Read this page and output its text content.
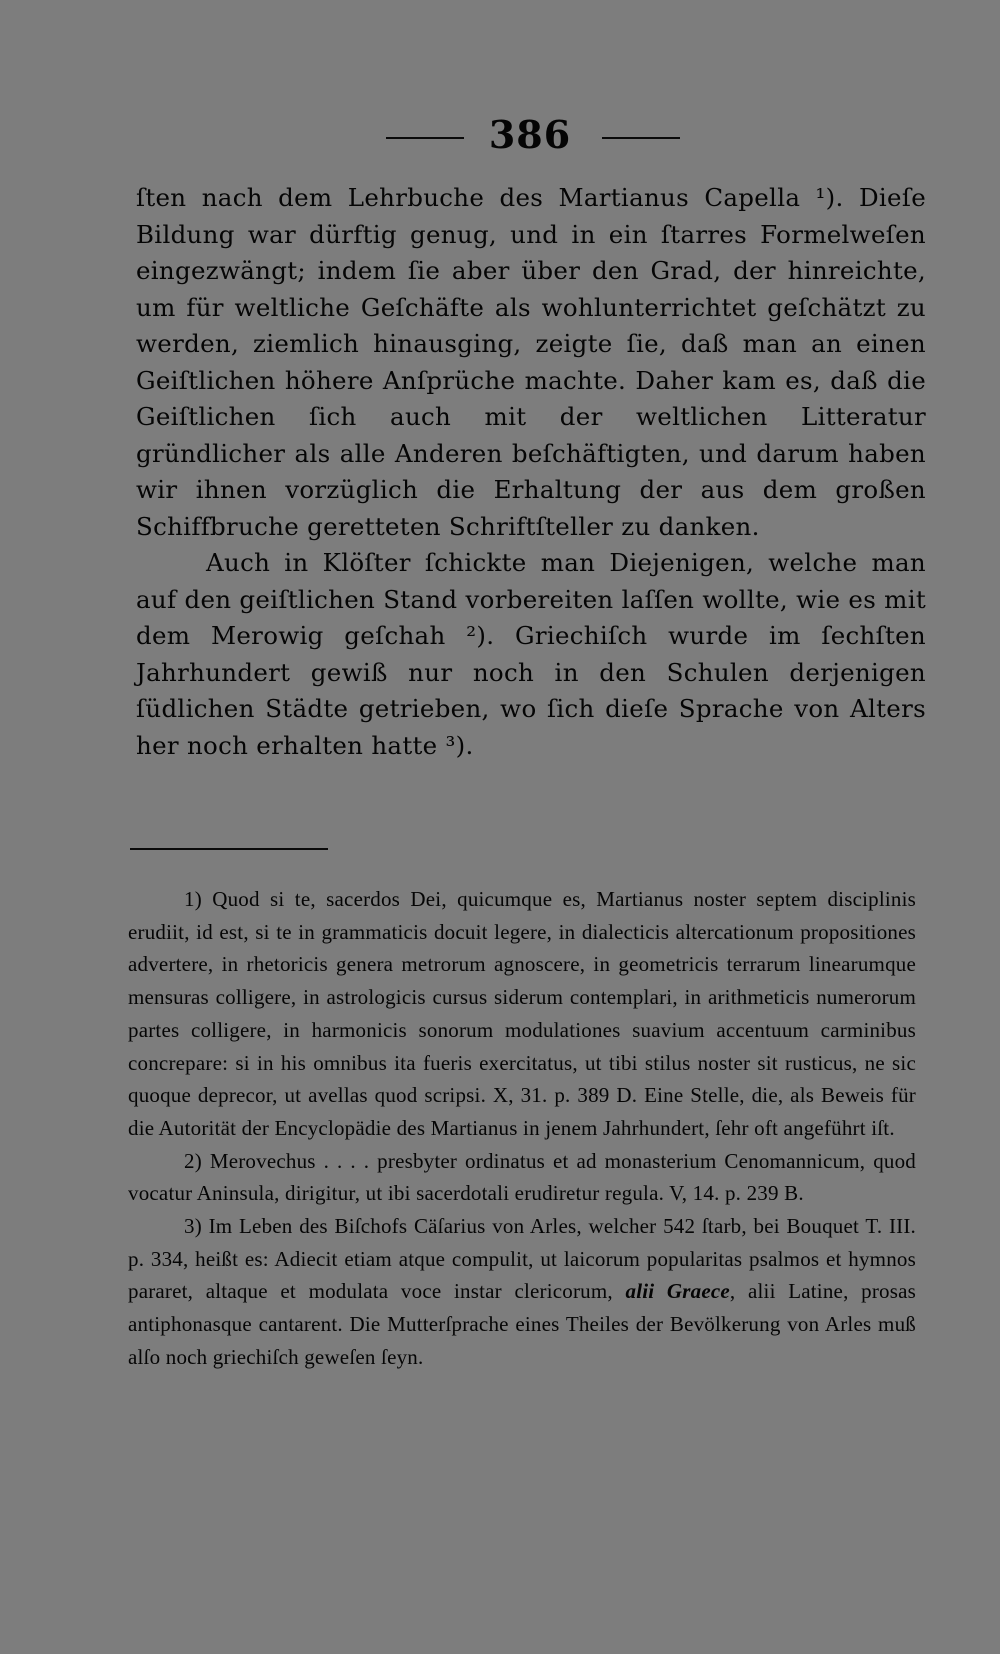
386

ſten nach dem Lehrbuche des Martianus Capella ¹). Dieſe Bildung war dürftig genug, und in ein ſtarres Formelweſen eingezwängt; indem ſie aber über den Grad, der hinreichte, um für weltliche Geſchäfte als wohlunterrichtet geſchätzt zu werden, ziemlich hinausging, zeigte ſie, daß man an einen Geiſtlichen höhere Anſprüche machte. Daher kam es, daß die Geiſtlichen ſich auch mit der weltlichen Litteratur gründlicher als alle Anderen beſchäftigten, und darum haben wir ihnen vorzüglich die Erhaltung der aus dem großen Schiffbruche geretteten Schriftſteller zu danken.

Auch in Klöſter ſchickte man Diejenigen, welche man auf den geiſtlichen Stand vorbereiten laſſen wollte, wie es mit dem Merowig geſchah ²). Griechiſch wurde im ſechſten Jahrhundert gewiß nur noch in den Schulen derjenigen ſüdlichen Städte getrieben, wo ſich dieſe Sprache von Alters her noch erhalten hatte ³).

1) Quod si te, sacerdos Dei, quicumque es, Martianus noster septem disciplinis erudiit, id est, si te in grammaticis docuit legere, in dialecticis altercationum propositiones advertere, in rhetoricis genera metrorum agnoscere, in geometricis terrarum linearumque mensuras colligere, in astrologicis cursus siderum contemplari, in arithmeticis numerorum partes colligere, in harmonicis sonorum modulationes suavium accentuum carminibus concrepare: si in his omnibus ita fueris exercitatus, ut tibi stilus noster sit rusticus, ne sic quoque deprecor, ut avellas quod scripsi. X, 31. p. 389 D. Eine Stelle, die, als Beweis für die Autorität der Encyclopädie des Martianus in jenem Jahrhundert, ſehr oft angeführt iſt.

2) Merovechus . . . . presbyter ordinatus et ad monasterium Cenomannicum, quod vocatur Aninsula, dirigitur, ut ibi sacerdotali erudiretur regula. V, 14. p. 239 B.

3) Im Leben des Biſchofs Cäſarius von Arles, welcher 542 ſtarb, bei Bouquet T. III. p. 334, heißt es: Adiecit etiam atque compulit, ut laicorum popularitas psalmos et hymnos pararet, altaque et modulata voce instar clericorum, alii Graece, alii Latine, prosas antiphonasque cantarent. Die Mutterſprache eines Theiles der Bevölkerung von Arles muß alſo noch griechiſch geweſen ſeyn.
